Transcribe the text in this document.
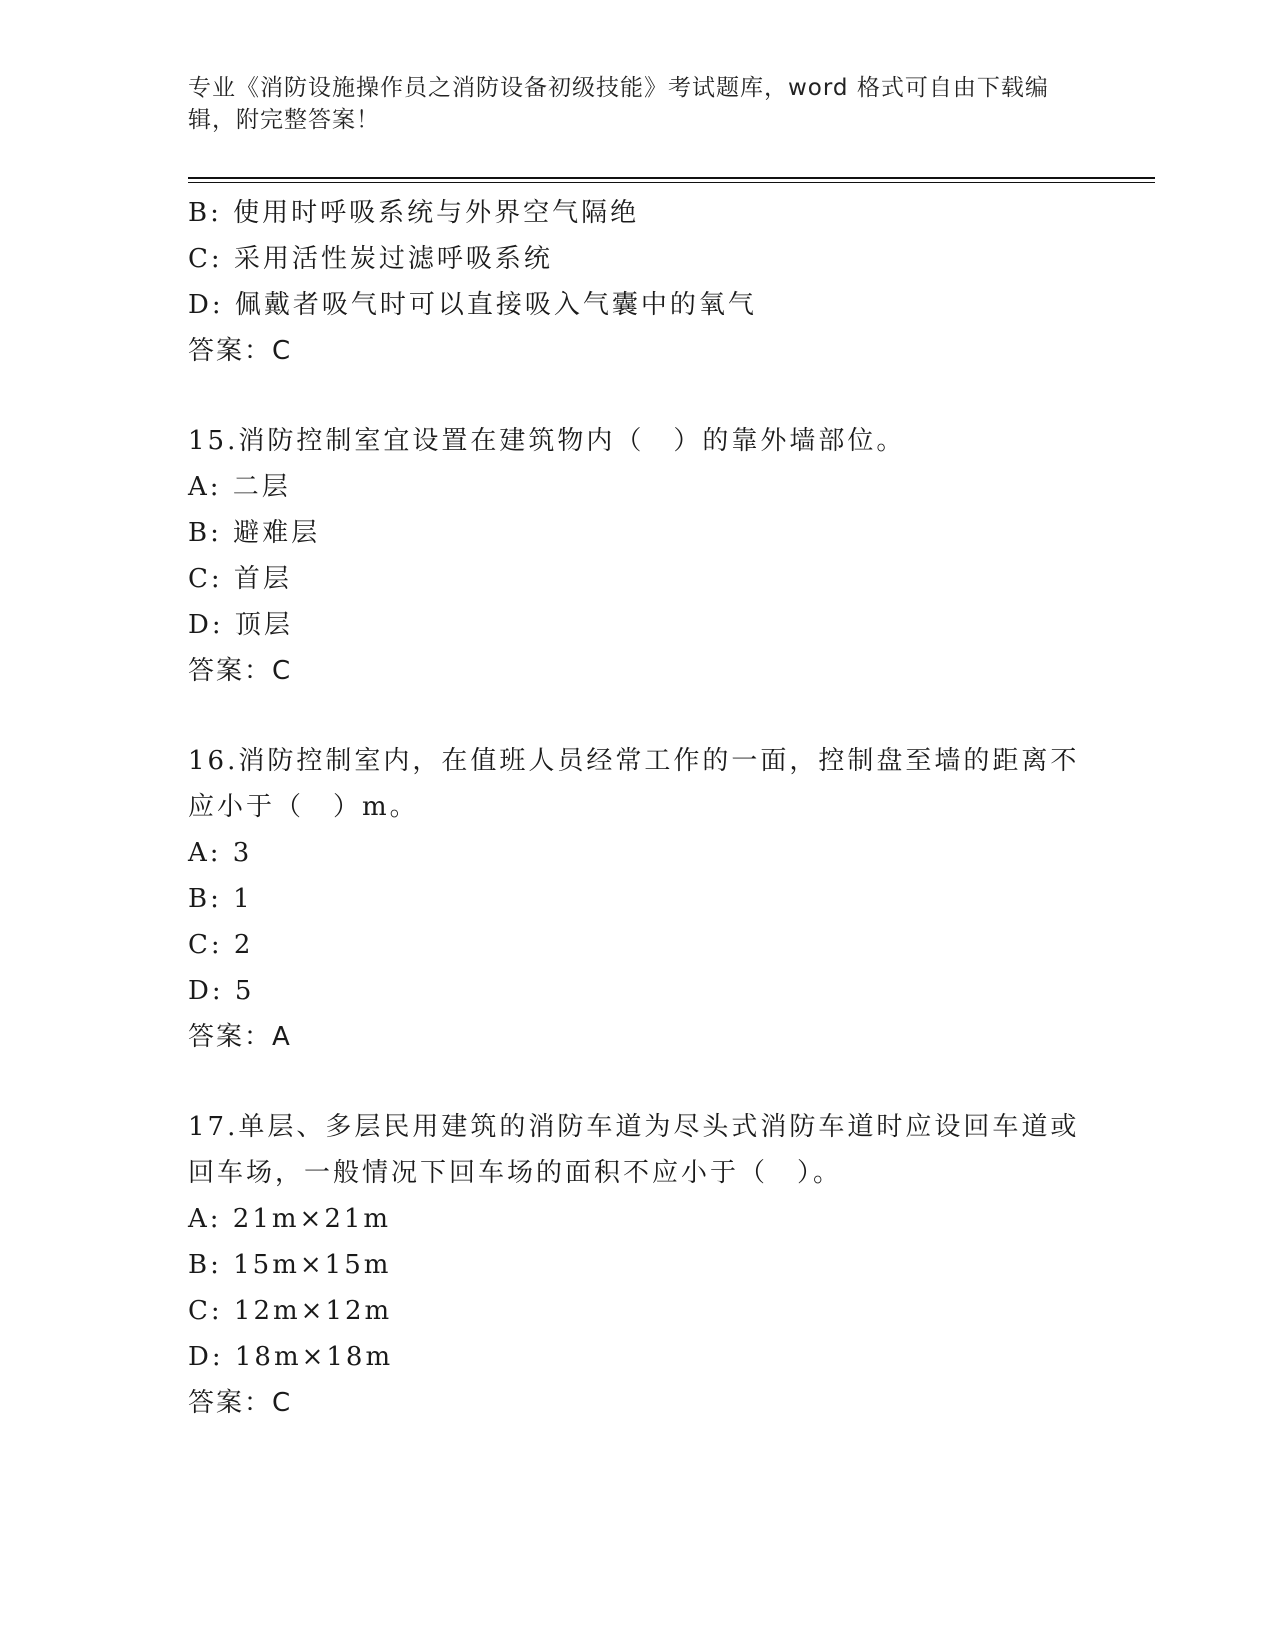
专业《消防设施操作员之消防设备初级技能》考试题库，word 格式可自由下载编辑，附完整答案！
B: 使用时呼吸系统与外界空气隔绝
C: 采用活性炭过滤呼吸系统
D: 佩戴者吸气时可以直接吸入气囊中的氧气
答案：C
15.消防控制室宜设置在建筑物内（　）的靠外墙部位。
A: 二层
B: 避难层
C: 首层
D: 顶层
答案：C
16.消防控制室内，在值班人员经常工作的一面，控制盘至墙的距离不应小于（　）m。
A: 3
B: 1
C: 2
D: 5
答案：A
17.单层、多层民用建筑的消防车道为尽头式消防车道时应设回车道或回车场，一般情况下回车场的面积不应小于（　）。
A: 21m×21m
B: 15m×15m
C: 12m×12m
D: 18m×18m
答案：C
